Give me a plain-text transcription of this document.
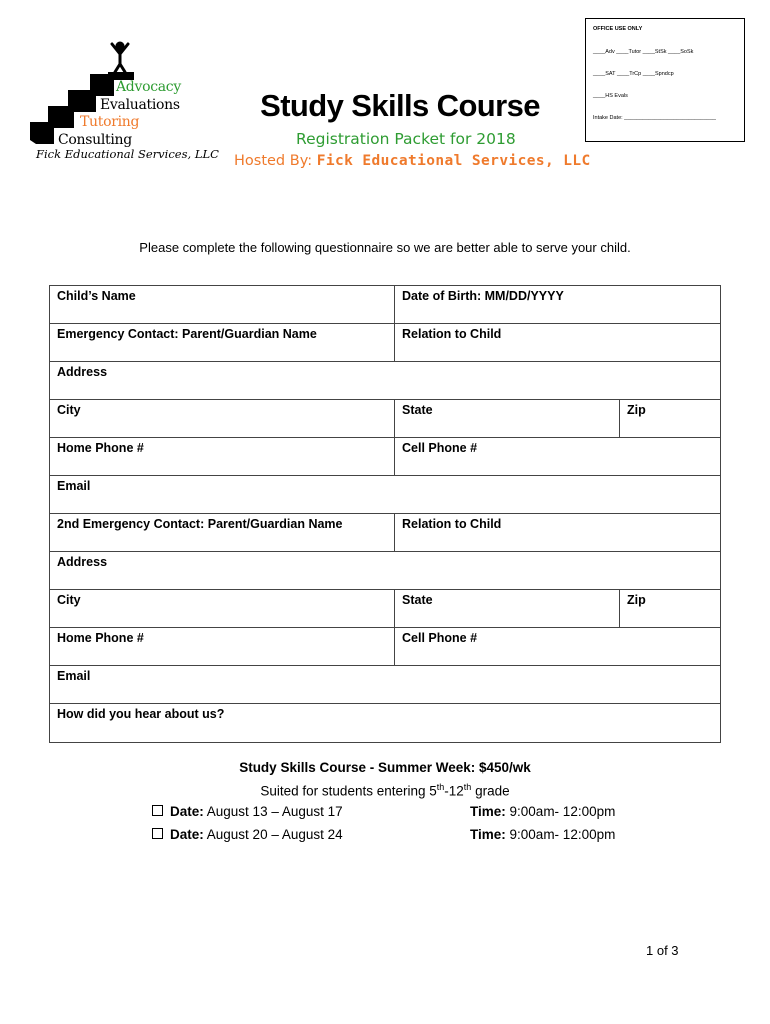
Advocacy
Evaluations
Tutoring
Consulting
Fick Educational Services, LLC
Study Skills Course
Registration Packet for 2018
Hosted By: Fick Educational Services, LLC
OFFICE USE ONLY
____Adv ____Tutor ____StSk ____SoSk
____SAT ____TrCp ____Spndcp
____HS Evals
Intake Date: ______________________________
Please complete the following questionnaire so we are better able to serve your child.
Child’s Name	Date of Birth: MM/DD/YYYY
Emergency Contact: Parent/Guardian Name	Relation to Child
Address
City	State	Zip
Home Phone #	Cell Phone #
Email
2nd Emergency Contact: Parent/Guardian Name	Relation to Child
Address
City	State	Zip
Home Phone #	Cell Phone #
Email
How did you hear about us?
Study Skills Course - Summer Week: $450/wk
Suited for students entering 5th-12th grade
Date: August 13 – August 17	Time: 9:00am- 12:00pm
Date: August 20 – August 24	Time: 9:00am- 12:00pm
1 of 3
